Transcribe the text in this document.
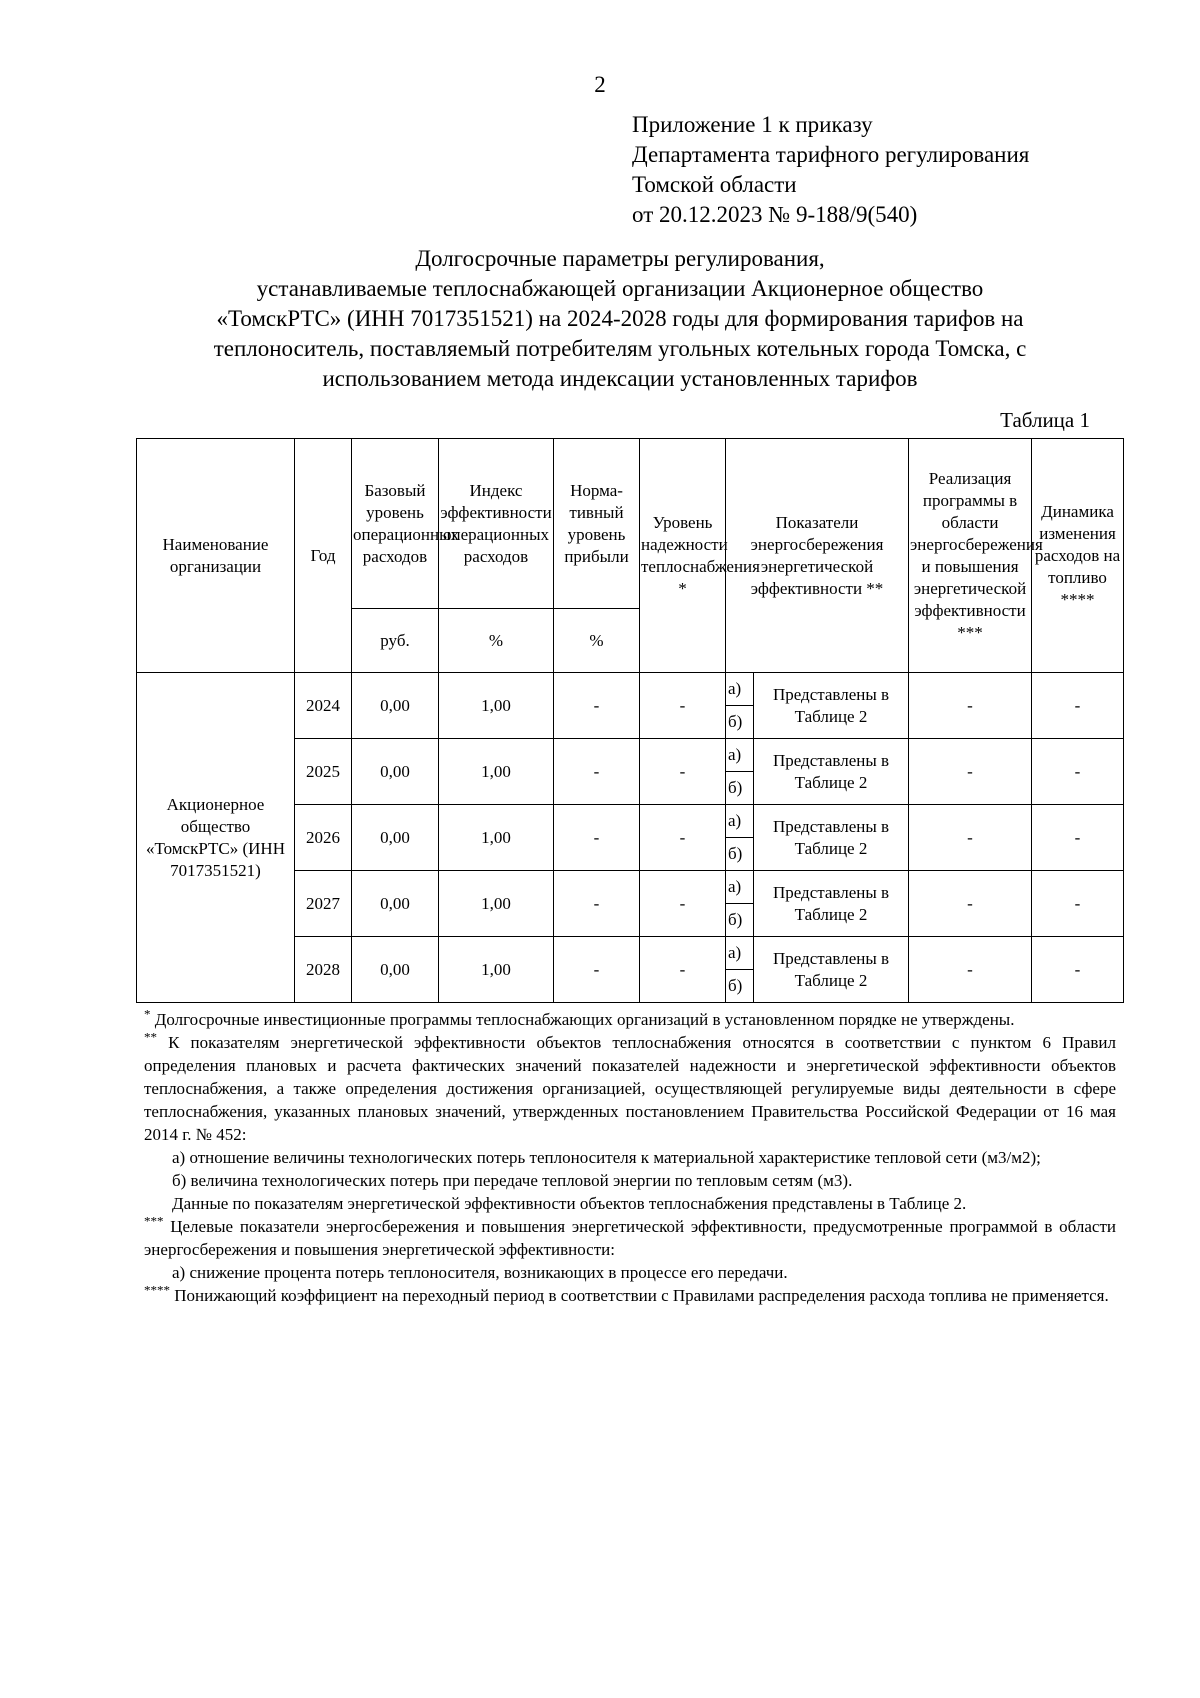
2
Приложение 1 к приказу
Департамента тарифного регулирования
Томской области
от 20.12.2023 № 9-188/9(540)
Долгосрочные параметры регулирования,
устанавливаемые теплоснабжающей организации Акционерное общество
«ТомскРТС» (ИНН 7017351521) на 2024-2028 годы для формирования тарифов на
теплоноситель, поставляемый потребителям угольных котельных города Томска, с
использованием метода индексации установленных тарифов
Таблица 1
Наименование организации	Год	Базовый уровень операционных расходов	Индекс эффективности операционных расходов	Норма-тивный уровень прибыли	Уровень надежности теплоснабжения *	Показатели энергосбережения энергетической эффективности **		Реализация программы в области энергосбережения и повышения энергетической эффективности ***	Динамика изменения расходов на топливо ****
		руб.	%	%					
Акционерное общество «ТомскРТС» (ИНН 7017351521)	2024	0,00	1,00	-	-	а)	Представлены в Таблице 2	-	-
						б)			
	2025	0,00	1,00	-	-	а)	Представлены в Таблице 2	-	-
						б)			
	2026	0,00	1,00	-	-	а)	Представлены в Таблице 2	-	-
						б)			
	2027	0,00	1,00	-	-	а)	Представлены в Таблице 2	-	-
						б)			
	2028	0,00	1,00	-	-	а)	Представлены в Таблице 2	-	-
						б)			

* Долгосрочные инвестиционные программы теплоснабжающих организаций в установленном порядке не утверждены.

** К показателям энергетической эффективности объектов теплоснабжения относятся в соответствии с пунктом 6 Правил определения плановых и расчета фактических значений показателей надежности и энергетической эффективности объектов теплоснабжения, а также определения достижения организацией, осуществляющей регулируемые виды деятельности в сфере теплоснабжения, указанных плановых значений, утвержденных постановлением Правительства Российской Федерации от 16 мая 2014 г. № 452:

а) отношение величины технологических потерь теплоносителя к материальной характеристике тепловой сети (м3/м2);

б) величина технологических потерь при передаче тепловой энергии по тепловым сетям (м3).

Данные по показателям энергетической эффективности объектов теплоснабжения представлены в Таблице 2.

*** Целевые показатели энергосбережения и повышения энергетической эффективности, предусмотренные программой в области энергосбережения и повышения энергетической эффективности:

а) снижение процента потерь теплоносителя, возникающих в процессе его передачи.

**** Понижающий коэффициент на переходный период в соответствии с Правилами распределения расхода топлива не применяется.
